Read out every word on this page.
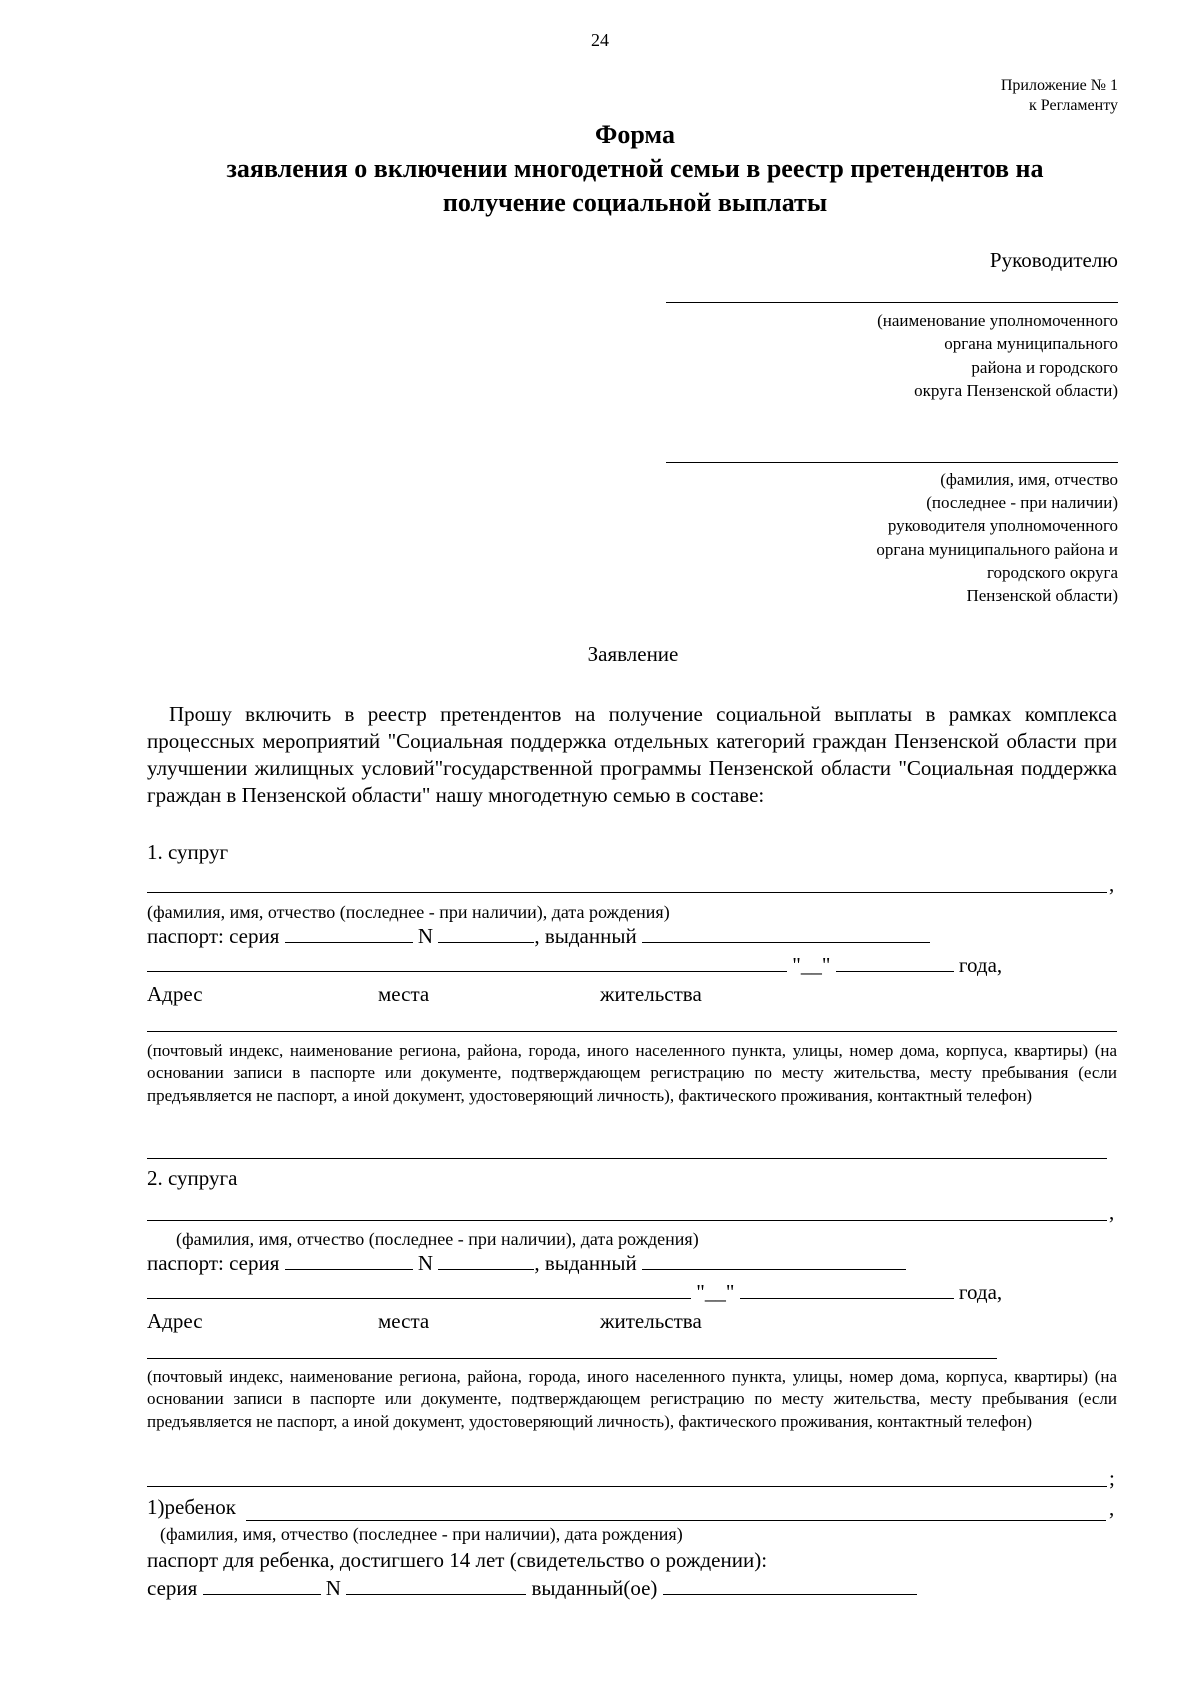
24
Приложение № 1
к Регламенту
Форма
заявления о включении многодетной семьи в реестр претендентов на
получение социальной выплаты
Руководителю
(наименование уполномоченного
органа муниципального
района и городского
округа Пензенской области)
(фамилия, имя, отчество
(последнее - при наличии)
руководителя уполномоченного
органа муниципального района и
городского округа
Пензенской области)
Заявление
Прошу включить в реестр претендентов на получение социальной выплаты в рамках комплекса процессных мероприятий "Социальная поддержка отдельных категорий граждан Пензенской области при улучшении жилищных условий"государственной программы Пензенской области "Социальная поддержка граждан в Пензенской области" нашу многодетную семью в составе:
1. супруг
,
(фамилия, имя, отчество (последнее - при наличии), дата рождения)
паспорт: серия	N	, выданный
"__"	года,
Адрес	места	жительства
(почтовый индекс, наименование региона, района, города, иного населенного пункта, улицы, номер дома, корпуса, квартиры) (на основании записи в паспорте или документе, подтверждающем регистрацию по месту жительства, месту пребывания (если предъявляется не паспорт, а иной документ, удостоверяющий личность), фактического проживания, контактный телефон)
2. супруга
,
(фамилия, имя, отчество (последнее - при наличии), дата рождения)
паспорт: серия	N	, выданный
"__"	года,
Адрес	места	жительства
(почтовый индекс, наименование региона, района, города, иного населенного пункта, улицы, номер дома, корпуса, квартиры) (на основании записи в паспорте или документе, подтверждающем регистрацию по месту жительства, месту пребывания (если предъявляется не паспорт, а иной документ, удостоверяющий личность), фактического проживания, контактный телефон)
;
1)ребенок	,
(фамилия, имя, отчество (последнее - при наличии), дата рождения)
паспорт для ребенка, достигшего 14 лет (свидетельство о рождении):
серия	N	выданный(ое)
